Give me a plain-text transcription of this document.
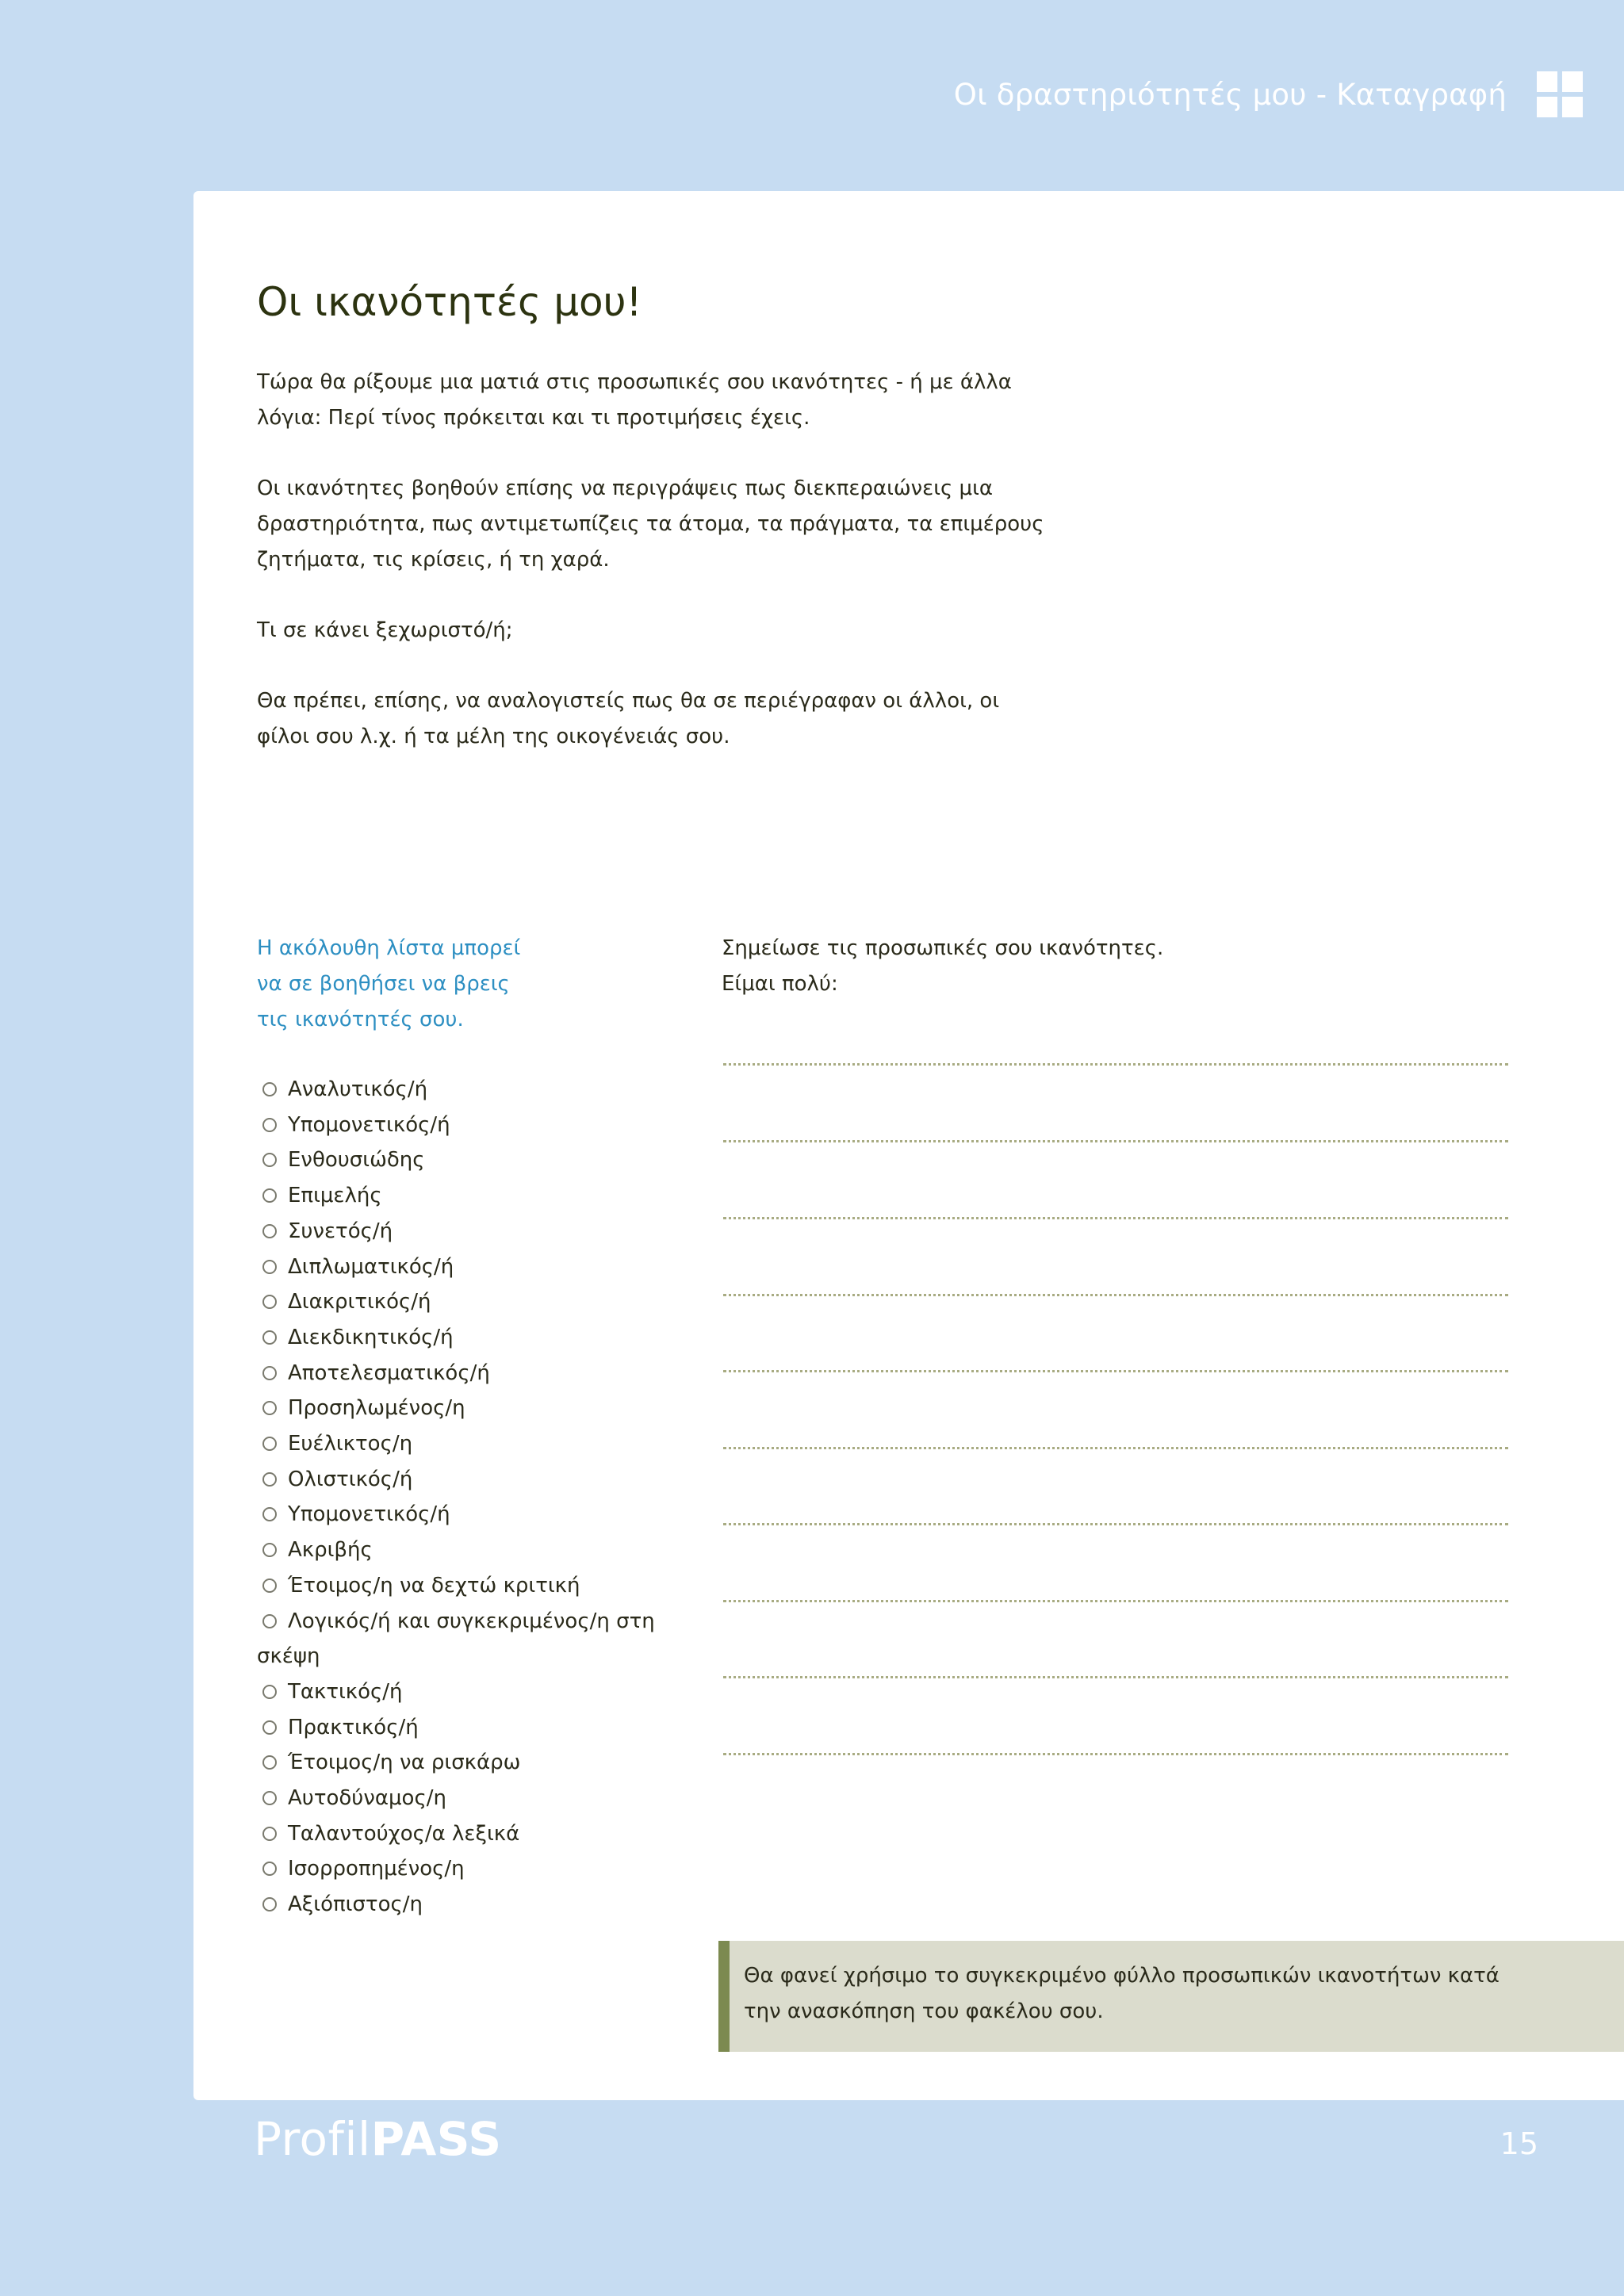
Οι δραστηριότητές μου - Καταγραφή
Οι ικανότητές μου!

Τώρα θα ρίξουμε μια ματιά στις προσωπικές σου ικανότητες - ή με άλλα λόγια: Περί τίνος πρόκειται και τι προτιμήσεις έχεις.

Οι ικανότητες βοηθούν επίσης να περιγράψεις πως διεκπεραιώνεις μια δραστηριότητα, πως αντιμετωπίζεις τα άτομα, τα πράγματα, τα επιμέρους ζητήματα, τις κρίσεις, ή τη χαρά.

Τι σε κάνει ξεχωριστό/ή;

Θα πρέπει, επίσης, να αναλογιστείς πως θα σε περιέγραφαν οι άλλοι, οι φίλοι σου λ.χ. ή τα μέλη της οικογένειάς σου.

Η ακόλουθη λίστα μπορεί να σε βοηθήσει να βρεις τις ικανότητές σου.
Αναλυτικός/ή
Υπομονετικός/ή
Ενθουσιώδης
Επιμελής
Συνετός/ή
Διπλωματικός/ή
Διακριτικός/ή
Διεκδικητικός/ή
Αποτελεσματικός/ή
Προσηλωμένος/η
Ευέλικτος/η
Ολιστικός/ή
Υπομονετικός/ή
Ακριβής
Έτοιμος/η να δεχτώ κριτική
Λογικός/ή και συγκεκριμένος/η στη σκέψη
Τακτικός/ή
Πρακτικός/ή
Έτοιμος/η να ρισκάρω
Αυτοδύναμος/η
Ταλαντούχος/α λεξικά
Ισορροπημένος/η
Αξιόπιστος/η
Σημείωσε τις προσωπικές σου ικανότητες.
Είμαι πολύ:
Θα φανεί χρήσιμο το συγκεκριμένο φύλλο προσωπικών ικανοτήτων κατά την ανασκόπηση του φακέλου σου.
ProfilPASS	15
